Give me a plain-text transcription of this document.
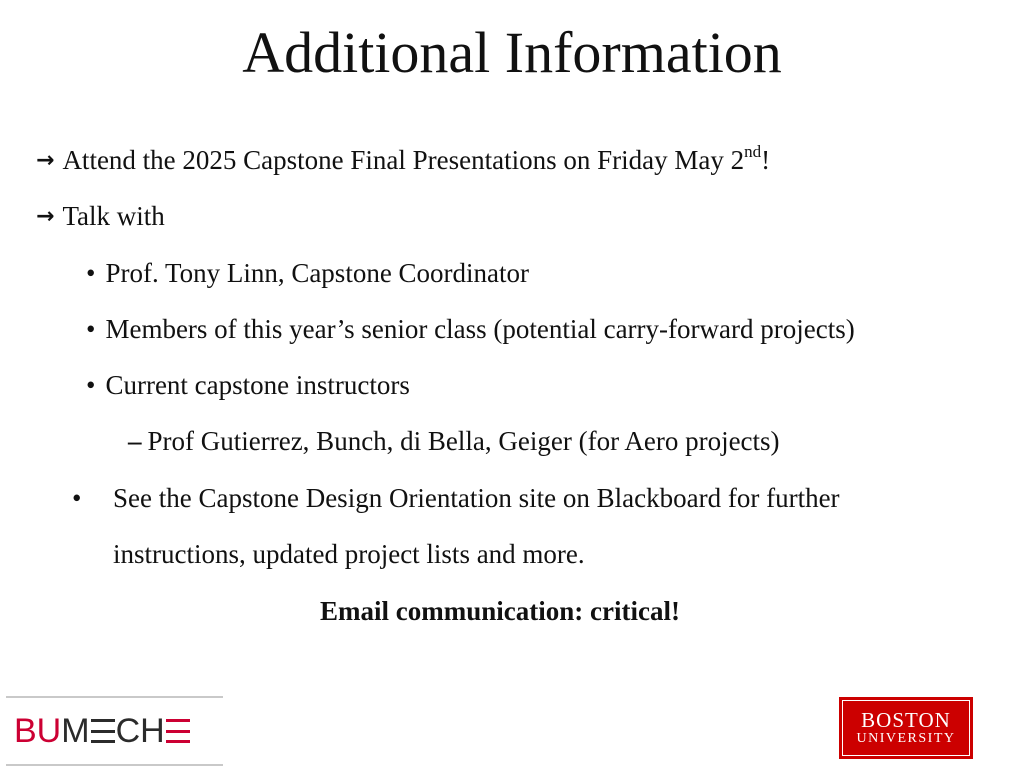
Additional Information
→ Attend the 2025 Capstone Final Presentations on Friday May 2nd!
→ Talk with
• Prof. Tony Linn, Capstone Coordinator
• Members of this year’s senior class (potential carry-forward projects)
• Current capstone instructors
– Prof Gutierrez, Bunch, di Bella, Geiger (for Aero projects)
• See the Capstone Design Orientation site on Blackboard for further
instructions, updated project lists and more.
Email communication: critical!
BU M CH	BOSTON
UNIVERSITY
